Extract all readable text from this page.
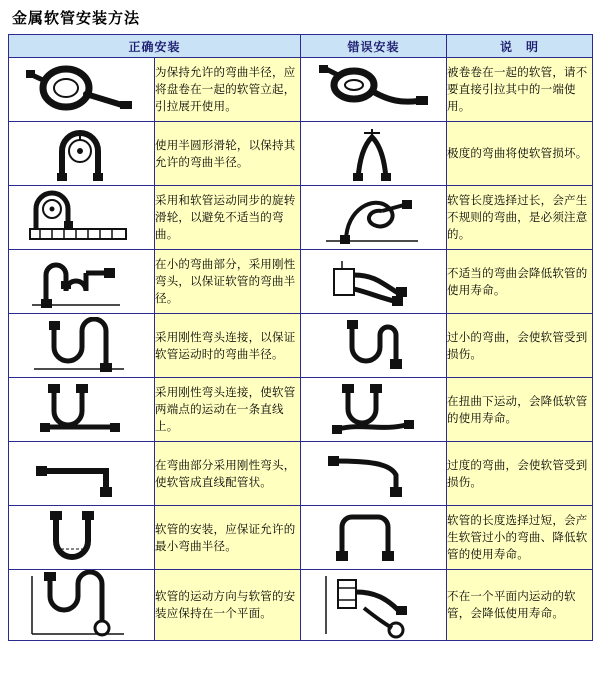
金属软管安装方法
正确安装		错误安装	说　明

	为保持允许的弯曲半径，应将盘卷在一起的软管立起，引拉展开使用。		被卷卷在一起的软管，请不要直接引拉其中的一端使用。

	使用半圆形滑轮，以保持其允许的弯曲半径。		极度的弯曲将使软管损坏。

	采用和软管运动同步的旋转滑轮，以避免不适当的弯曲。		软管长度选择过长，会产生不规则的弯曲，是必须注意的。

	在小的弯曲部分，采用刚性弯头，以保证软管的弯曲半径。		不适当的弯曲会降低软管的使用寿命。

	采用刚性弯头连接，以保证软管运动时的弯曲半径。		过小的弯曲，会使软管受到损伤。

	采用刚性弯头连接，使软管两端点的运动在一条直线上。		在扭曲下运动，会降低软管的使用寿命。

	在弯曲部分采用刚性弯头，使软管成直线配管状。		过度的弯曲，会使软管受到损伤。

	软管的安装，应保证允许的最小弯曲半径。		软管的长度选择过短，会产生软管过小的弯曲、降低软管的使用寿命。

	软管的运动方向与软管的安装应保持在一个平面。		不在一个平面内运动的软管，会降低使用寿命。
